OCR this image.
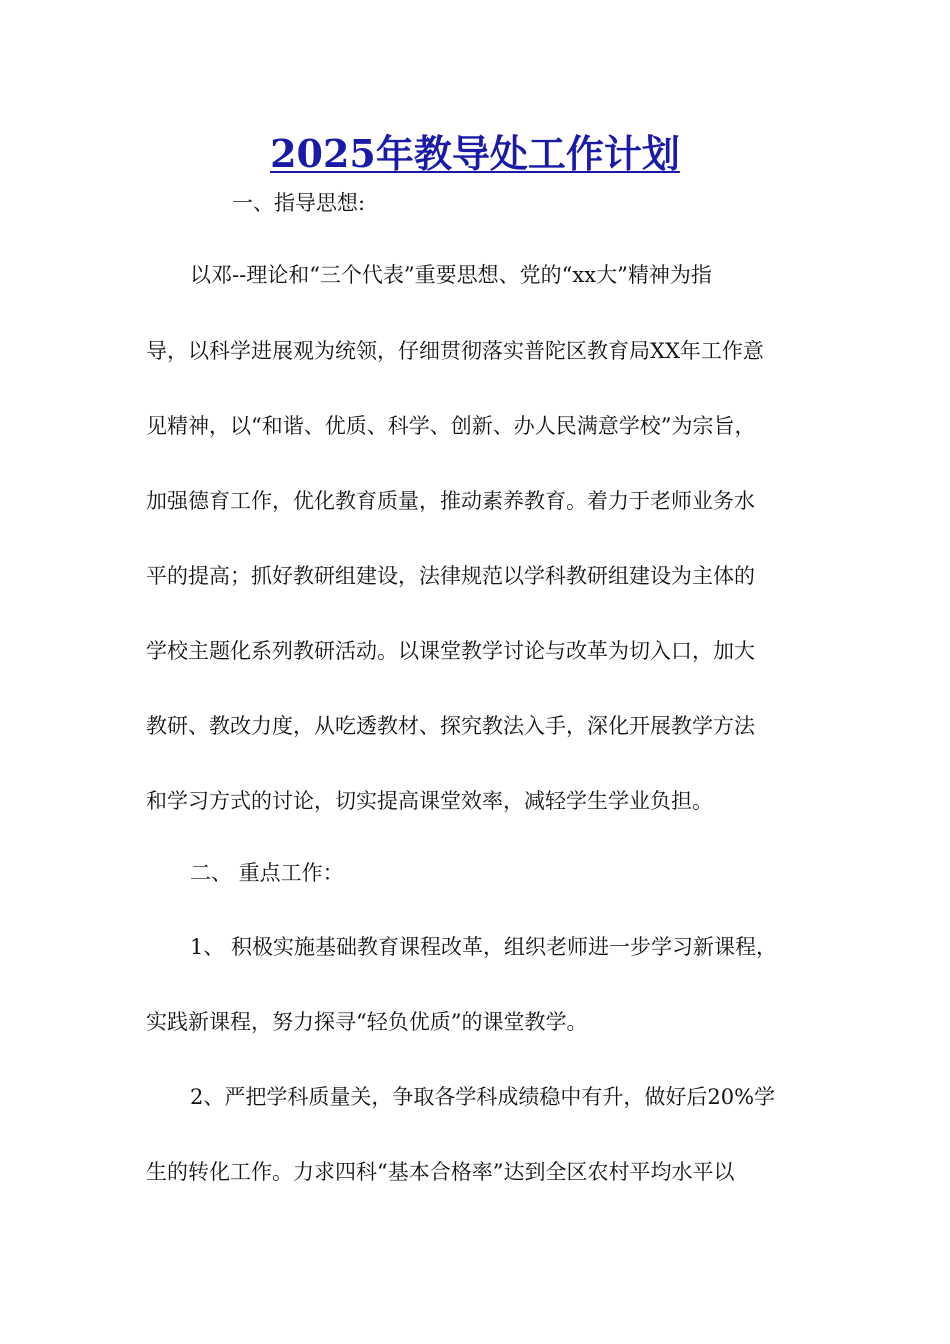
2025年教导处工作计划
一、指导思想:
以邓--理论和“三个代表”重要思想、党的“xx大”精神为指
导，以科学进展观为统领，仔细贯彻落实普陀区教育局XX年工作意
见精神，以“和谐、优质、科学、创新、办人民满意学校”为宗旨，
加强德育工作，优化教育质量，推动素养教育。着力于老师业务水
平的提高；抓好教研组建设，法律规范以学科教研组建设为主体的
学校主题化系列教研活动。以课堂教学讨论与改革为切入口，加大
教研、教改力度，从吃透教材、探究教法入手，深化开展教学方法
和学习方式的讨论，切实提高课堂效率，减轻学生学业负担。
二、 重点工作：
1、 积极实施基础教育课程改革，组织老师进一步学习新课程，
实践新课程，努力探寻“轻负优质”的课堂教学。
2、严把学科质量关，争取各学科成绩稳中有升，做好后20%学
生的转化工作。力求四科“基本合格率”达到全区农村平均水平以
